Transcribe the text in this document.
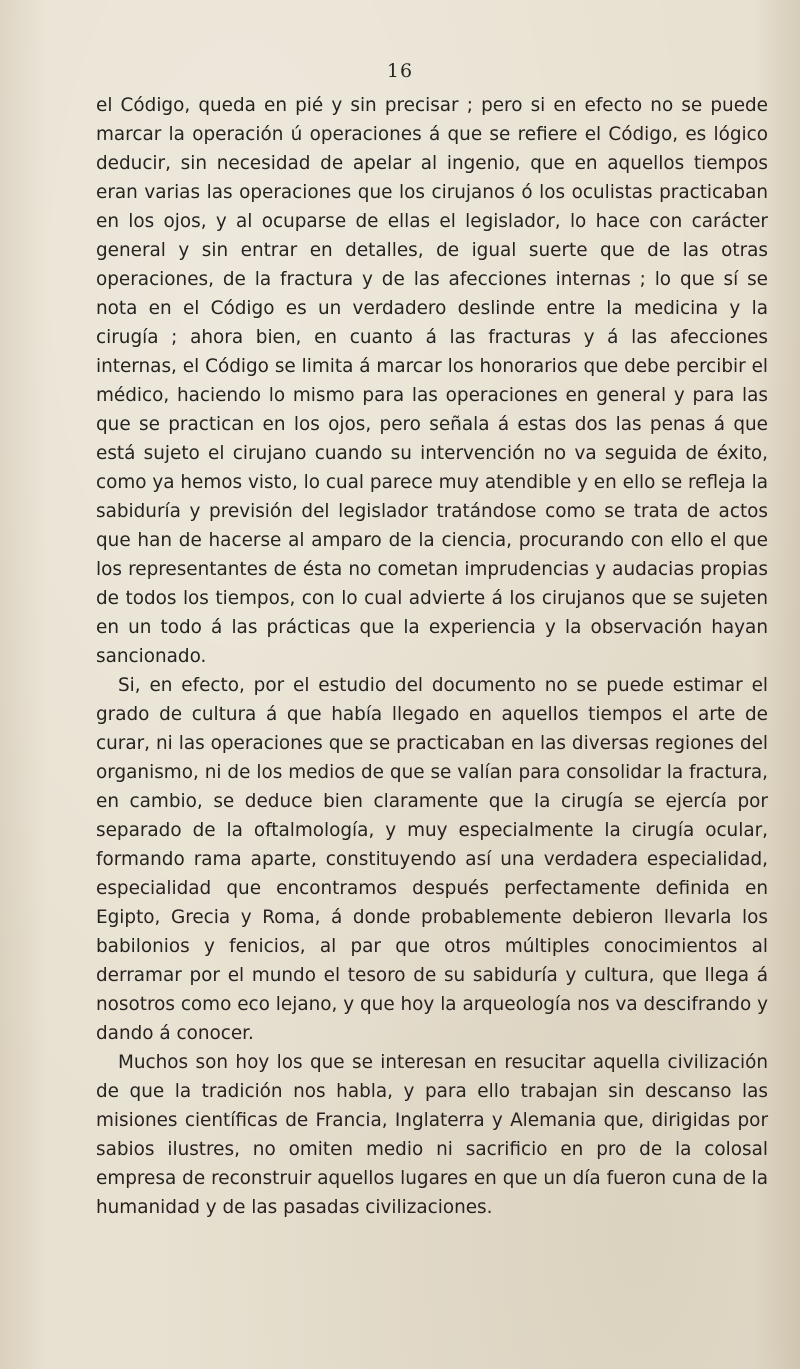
16

el Código, queda en pié y sin precisar ; pero si en efecto no se puede marcar la operación ú operaciones á que se refiere el Código, es lógico deducir, sin necesidad de apelar al ingenio, que en aquellos tiempos eran varias las operaciones que los cirujanos ó los oculistas practicaban en los ojos, y al ocuparse de ellas el legislador, lo hace con carácter general y sin entrar en detalles, de igual suerte que de las otras operaciones, de la fractura y de las afecciones internas ; lo que sí se nota en el Código es un verdadero deslinde entre la medicina y la cirugía ; ahora bien, en cuanto á las fracturas y á las afecciones internas, el Código se limita á marcar los honorarios que debe percibir el médico, haciendo lo mismo para las operaciones en general y para las que se practican en los ojos, pero señala á estas dos las penas á que está sujeto el cirujano cuando su intervención no va seguida de éxito, como ya hemos visto, lo cual parece muy atendible y en ello se refleja la sabiduría y previsión del legislador tratándose como se trata de actos que han de hacerse al amparo de la ciencia, procurando con ello el que los representantes de ésta no cometan imprudencias y audacias propias de todos los tiempos, con lo cual advierte á los cirujanos que se sujeten en un todo á las prácticas que la experiencia y la observación hayan sancionado.

Si, en efecto, por el estudio del documento no se puede estimar el grado de cultura á que había llegado en aquellos tiempos el arte de curar, ni las operaciones que se practicaban en las diversas regiones del organismo, ni de los medios de que se valían para consolidar la fractura, en cambio, se deduce bien claramente que la cirugía se ejercía por separado de la oftalmología, y muy especialmente la cirugía ocular, formando rama aparte, constituyendo así una verdadera especialidad, especialidad que encontramos después perfectamente definida en Egipto, Grecia y Roma, á donde probablemente debieron llevarla los babilonios y fenicios, al par que otros múltiples conocimientos al derramar por el mundo el tesoro de su sabiduría y cultura, que llega á nosotros como eco lejano, y que hoy la arqueología nos va descifrando y dando á conocer.

Muchos son hoy los que se interesan en resucitar aquella civilización de que la tradición nos habla, y para ello trabajan sin descanso las misiones científicas de Francia, Inglaterra y Alemania que, dirigidas por sabios ilustres, no omiten medio ni sacrificio en pro de la colosal empresa de reconstruir aquellos lugares en que un día fueron cuna de la humanidad y de las pasadas civilizaciones.
